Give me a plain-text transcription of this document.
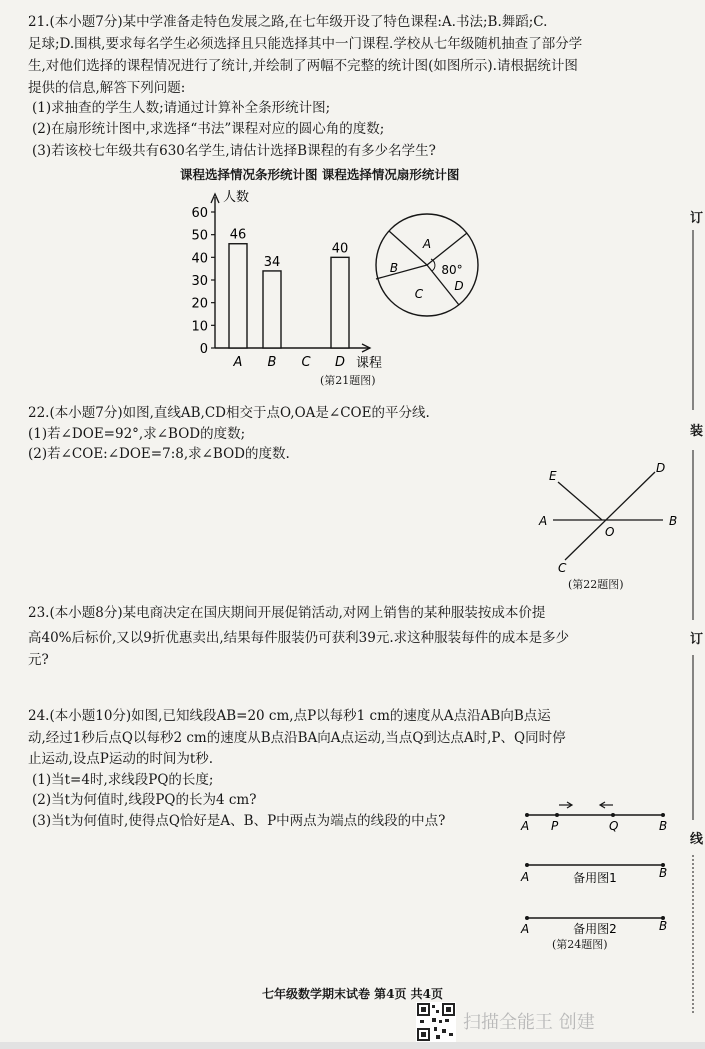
21.(本小题7分)某中学准备走特色发展之路,在七年级开设了特色课程:A.书法;B.舞蹈;C.
足球;D.围棋,要求每名学生必须选择且只能选择其中一门课程.学校从七年级随机抽查了部分学
生,对他们选择的课程情况进行了统计,并绘制了两幅不完整的统计图(如图所示).请根据统计图
提供的信息,解答下列问题:
(1)求抽查的学生人数;请通过计算补全条形统计图;
(2)在扇形统计图中,求选择“书法”课程对应的圆心角的度数;
(3)若该校七年级共有630名学生,请估计选择B课程的有多少名学生?
课程选择情况条形统计图 课程选择情况扇形统计图
人数
课程
0
10
20
30
40
50
60
46
A
34
B C
40
D
(第21题图)
A
B
C
D
80°
22.(本小题7分)如图,直线AB,CD相交于点O,OA是∠COE的平分线.
(1)若∠DOE=92°,求∠BOD的度数;
(2)若∠COE:∠DOE=7:8,求∠BOD的度数.
A	B
C
D
E
O
(第22题图)
23.(本小题8分)某电商决定在国庆期间开展促销活动,对网上销售的某种服装按成本价提
高40%后标价,又以9折优惠卖出,结果每件服装仍可获利39元.求这种服装每件的成本是多少
元?
24.(本小题10分)如图,已知线段AB=20 cm,点P以每秒1 cm的速度从A点沿AB向B点运
动,经过1秒后点Q以每秒2 cm的速度从B点沿BA向A点运动,当点Q到达点A时,P、Q同时停
止运动,设点P运动的时间为t秒.
(1)当t=4时,求线段PQ的长度;
(2)当t为何值时,线段PQ的长为4 cm?
(3)当t为何值时,使得点Q恰好是A、B、P中两点为端点的线段的中点?	A P	Q	B
A	B
备用图1
A	B
备用图2
(第24题图)
订
装
订
线
七年级数学期末试卷 第4页 共4页
扫描全能王 创建
